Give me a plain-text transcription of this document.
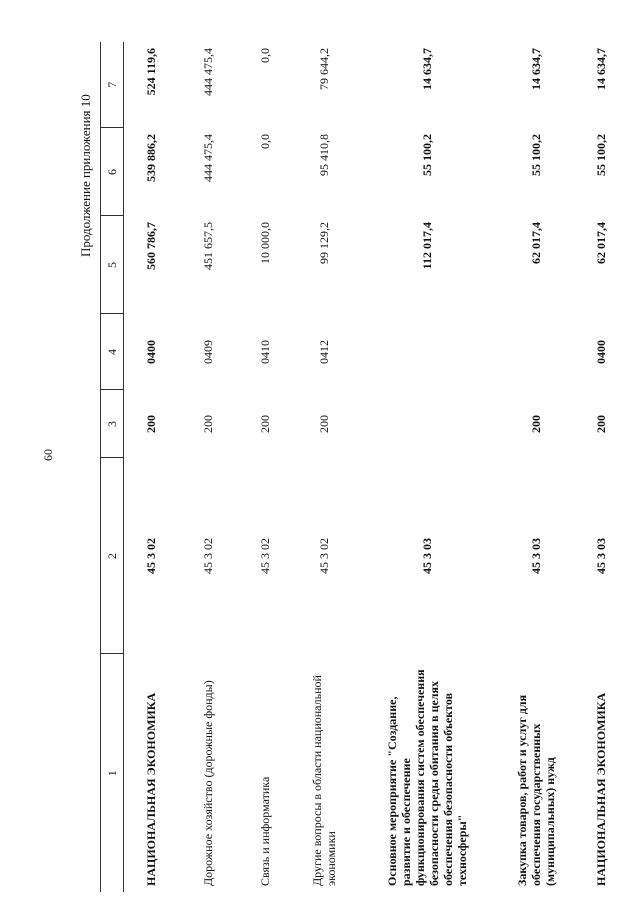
60
Продолжение приложения 10
1	2	3	4	5	6	7
НАЦИОНАЛЬНАЯ ЭКОНОМИКА	45 3 02	200	0400	560 786,7	539 886,2	524 119,6
Дорожное хозяйство (дорожные фонды)	45 3 02	200	0409	451 657,5	444 475,4	444 475,4
Связь и информатика	45 3 02	200	0410	10 000,0	0,0	0,0
Другие вопросы в области национальной экономики	45 3 02	200	0412	99 129,2	95 410,8	79 644,2
Основное мероприятие "Создание, развитие и обеспечение функционирования систем обеспечения безопасности среды обитания в целях обеспечения безопасности объектов техносферы"	45 3 03			112 017,4	55 100,2	14 634,7
Закупка товаров, работ и услуг для обеспечения государственных (муниципальных) нужд	45 3 03	200		62 017,4	55 100,2	14 634,7
НАЦИОНАЛЬНАЯ ЭКОНОМИКА	45 3 03	200	0400	62 017,4	55 100,2	14 634,7
